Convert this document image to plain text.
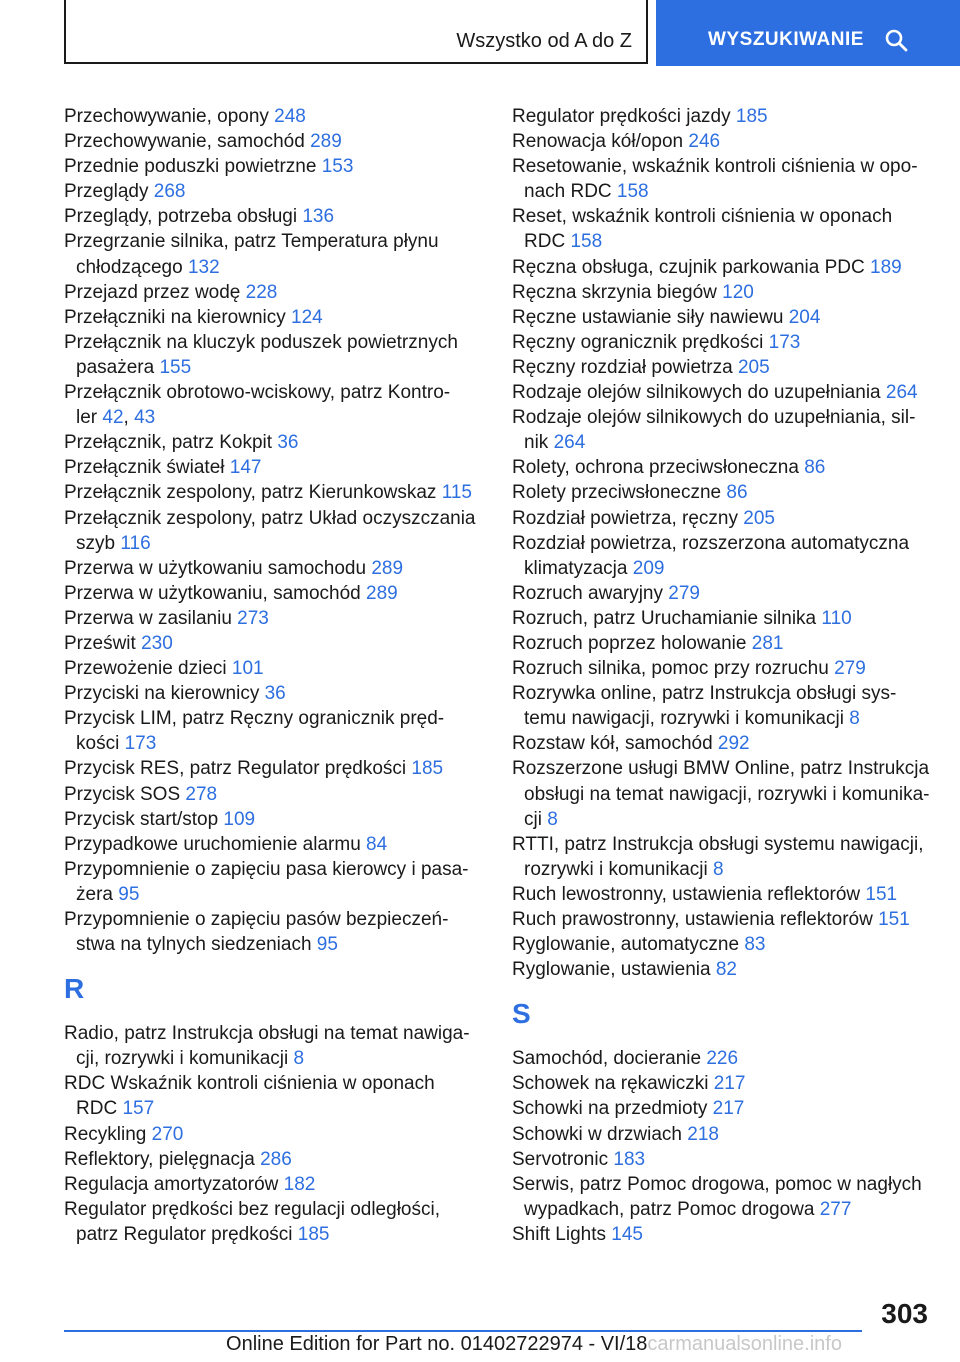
Wszystko od A do Z	WYSZUKIWANIE
Przechowywanie, opony 248
Przechowywanie, samochód 289
Przednie poduszki powietrzne 153
Przeglądy 268
Przeglądy, potrzeba obsługi 136
Przegrzanie silnika, patrz Temperatura płynu
chłodzącego 132
Przejazd przez wodę 228
Przełączniki na kierownicy 124
Przełącznik na kluczyk poduszek powietrznych
pasażera 155
Przełącznik obrotowo-wciskowy, patrz Kontro-
ler 42, 43
Przełącznik, patrz Kokpit 36
Przełącznik świateł 147
Przełącznik zespolony, patrz Kierunkowskaz 115
Przełącznik zespolony, patrz Układ oczyszczania
szyb 116
Przerwa w użytkowaniu samochodu 289
Przerwa w użytkowaniu, samochód 289
Przerwa w zasilaniu 273
Prześwit 230
Przewożenie dzieci 101
Przyciski na kierownicy 36
Przycisk LIM, patrz Ręczny ogranicznik pręd-
kości 173
Przycisk RES, patrz Regulator prędkości 185
Przycisk SOS 278
Przycisk start/stop 109
Przypadkowe uruchomienie alarmu 84
Przypomnienie o zapięciu pasa kierowcy i pasa-
żera 95
Przypomnienie o zapięciu pasów bezpieczeń-
stwa na tylnych siedzeniach 95
R
Radio, patrz Instrukcja obsługi na temat nawiga-
cji, rozrywki i komunikacji 8
RDC Wskaźnik kontroli ciśnienia w oponach
RDC 157
Recykling 270
Reflektory, pielęgnacja 286
Regulacja amortyzatorów 182
Regulator prędkości bez regulacji odległości,
patrz Regulator prędkości 185
Regulator prędkości jazdy 185
Renowacja kół/opon 246
Resetowanie, wskaźnik kontroli ciśnienia w opo-
nach RDC 158
Reset, wskaźnik kontroli ciśnienia w oponach
RDC 158
Ręczna obsługa, czujnik parkowania PDC 189
Ręczna skrzynia biegów 120
Ręczne ustawianie siły nawiewu 204
Ręczny ogranicznik prędkości 173
Ręczny rozdział powietrza 205
Rodzaje olejów silnikowych do uzupełniania 264
Rodzaje olejów silnikowych do uzupełniania, sil-
nik 264
Rolety, ochrona przeciwsłoneczna 86
Rolety przeciwsłoneczne 86
Rozdział powietrza, ręczny 205
Rozdział powietrza, rozszerzona automatyczna
klimatyzacja 209
Rozruch awaryjny 279
Rozruch, patrz Uruchamianie silnika 110
Rozruch poprzez holowanie 281
Rozruch silnika, pomoc przy rozruchu 279
Rozrywka online, patrz Instrukcja obsługi sys-
temu nawigacji, rozrywki i komunikacji 8
Rozstaw kół, samochód 292
Rozszerzone usługi BMW Online, patrz Instrukcja
obsługi na temat nawigacji, rozrywki i komunika-
cji 8
RTTI, patrz Instrukcja obsługi systemu nawigacji,
rozrywki i komunikacji 8
Ruch lewostronny, ustawienia reflektorów 151
Ruch prawostronny, ustawienia reflektorów 151
Ryglowanie, automatyczne 83
Ryglowanie, ustawienia 82
S
Samochód, docieranie 226
Schowek na rękawiczki 217
Schowki na przedmioty 217
Schowki w drzwiach 218
Servotronic 183
Serwis, patrz Pomoc drogowa, pomoc w nagłych
wypadkach, patrz Pomoc drogowa 277
Shift Lights 145
303
Online Edition for Part no. 01402722974 - VI/18carmanualsonline.info
